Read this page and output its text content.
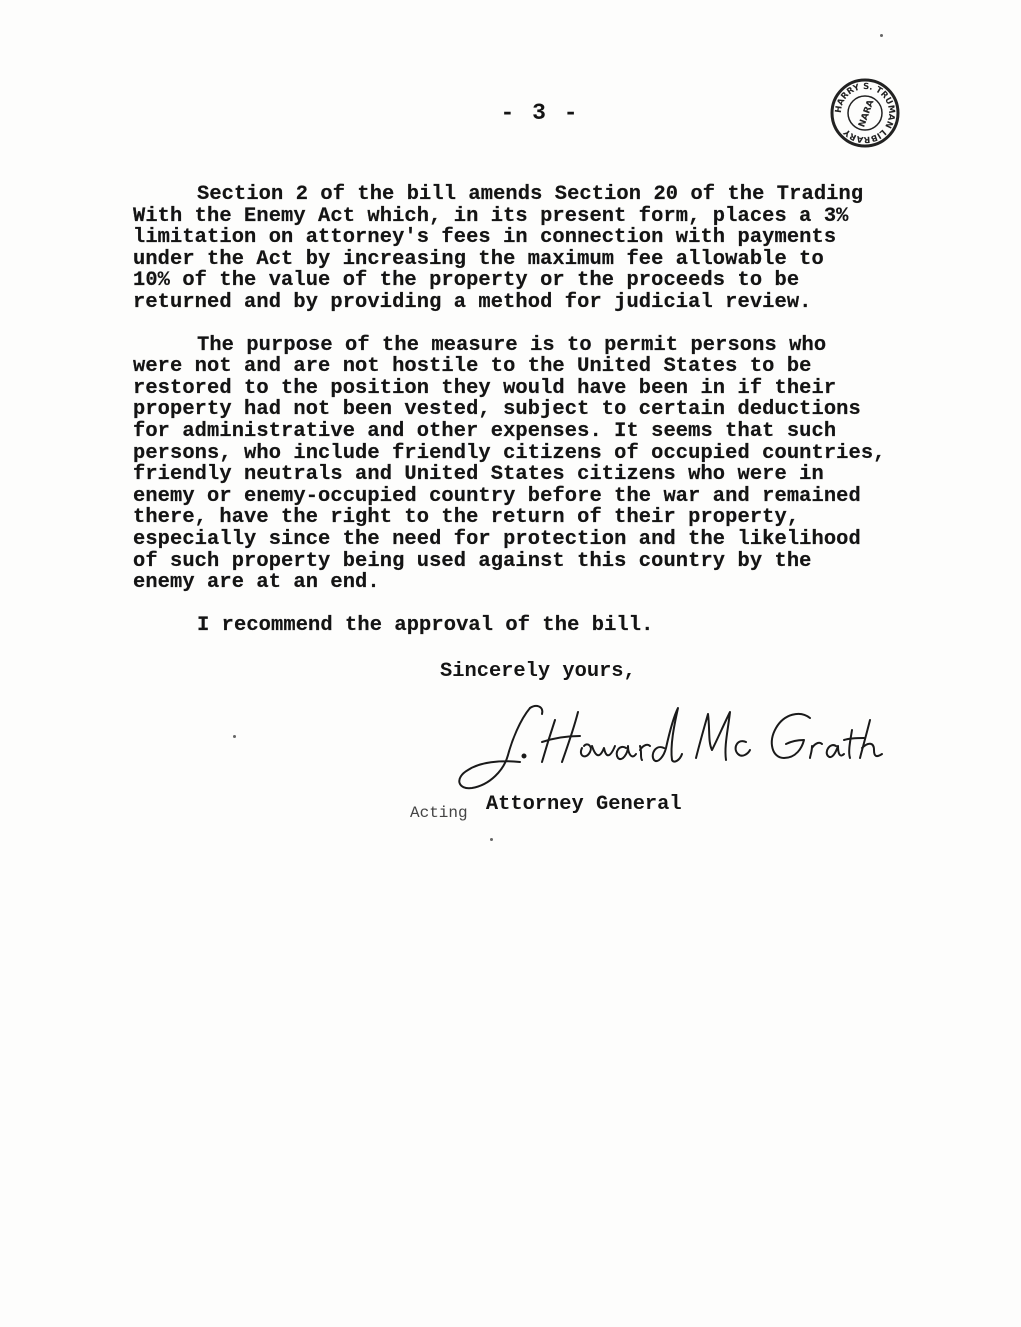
- 3 -	HARRY S. TRUMAN LIBRARY
NARA

Section 2 of the bill amends Section 20 of the Trading
With the Enemy Act which, in its present form, places a 3%
limitation on attorney's fees in connection with payments
under the Act by increasing the maximum fee allowable to
10% of the value of the property or the proceeds to be
returned and by providing a method for judicial review.

The purpose of the measure is to permit persons who
were not and are not hostile to the United States to be
restored to the position they would have been in if their
property had not been vested, subject to certain deductions
for administrative and other expenses. It seems that such
persons, who include friendly citizens of occupied countries,
friendly neutrals and United States citizens who were in
enemy or enemy-occupied country before the war and remained
there, have the right to the return of their property,
especially since the need for protection and the likelihood
of such property being used against this country by the
enemy are at an end.

I recommend the approval of the bill.

Sincerely yours,
$_{Acting}$ Attorney General
